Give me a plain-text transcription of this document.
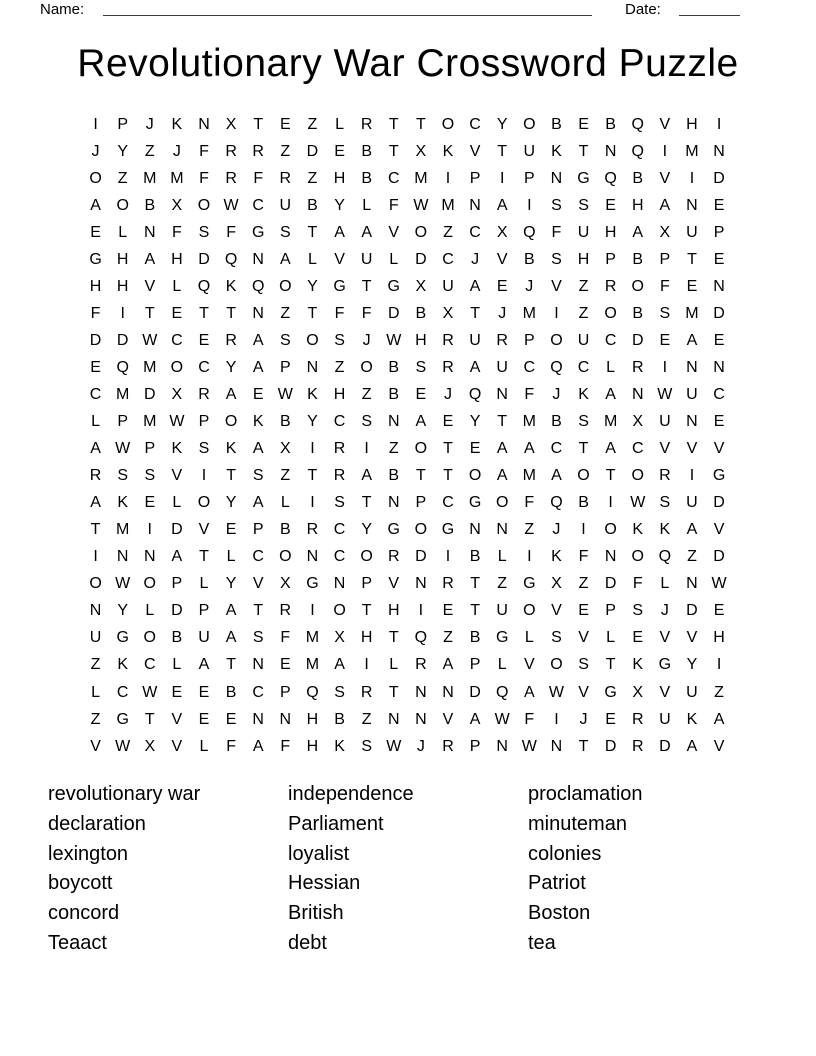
Name:	Date:
Revolutionary War Crossword Puzzle
I	P	J	K N	X	T	E	Z	L	R	T	T	O C	Y O B	E	B Q V H	I
J	Y	Z	J	F	R R	Z	D	E	B	T	X	K	V	T	U	K	T	N Q	I	M N
O Z M M F	R	F	R	Z	H	B C M	I	P	I	P N G Q B	V	I	D
A O B	X O W C U	B	Y	L	F W M N	A	I	S	S	E H	A N	E
E	L	N	F	S	F	G S	T	A	A	V O Z	C	X Q F	U H	A	X U	P
G H	A H D Q N	A	L	V U	L	D C	J	V	B	S H	P	B	P	T	E
H H	V	L	Q K Q O Y G T	G X U	A	E	J	V	Z	R O F	E N
F	I	T	E	T	T	N	Z	T	F	F	D	B	X	T	J	M	I	Z	O B	S M D
D D W C	E R	A	S O S	J W H R U R	P O U C D	E	A	E
E Q M O C	Y	A	P N	Z	O B	S R	A U C Q C	L	R	I	N N
C M D	X R	A	E W K H	Z	B	E	J	Q N	F	J	K	A N W U C
L	P M W P O K	B	Y C	S N	A	E	Y	T M B	S M X U N	E
A W P	K	S	K	A	X	I	R	I	Z	O T	E	A	A C	T	A C	V	V	V
R	S	S	V	I	T	S	Z	T	R	A	B	T	T	O A M A O T	O R	I	G
A	K	E	L	O Y	A	L	I	S	T	N	P C G O F	Q B	I	W S U D
T M	I	D	V	E	P	B R C	Y G O G N N	Z	J	I	O K	K	A	V
I	N N	A	T	L	C O N C O R D	I	B	L	I	K	F	N O Q Z	D
O W O P	L	Y	V	X G N	P	V N R	T	Z	G X	Z	D	F	L	N W
N	Y	L	D	P	A	T	R	I	O T	H	I	E	T	U O V	E	P	S	J	D	E
U G O B U	A	S	F M X H	T	Q Z	B G	L	S	V	L	E	V	V H
Z	K C	L	A	T	N	E M A	I	L	R	A	P	L	V O S	T	K G Y	I
L	C W E	E	B C	P Q S R	T	N N D Q A W V G X	V U	Z
Z	G T	V	E	E N N H	B	Z	N N	V	A W F	I	J	E R U	K	A
V W X	V	L	F	A	F	H	K	S W J	R	P N W N	T	D R D	A	V
revolutionary war
declaration
lexington
boycott
concord
Teaact
independence
Parliament
loyalist
Hessian
British
debt
proclamation
minuteman
colonies
Patriot
Boston
tea
